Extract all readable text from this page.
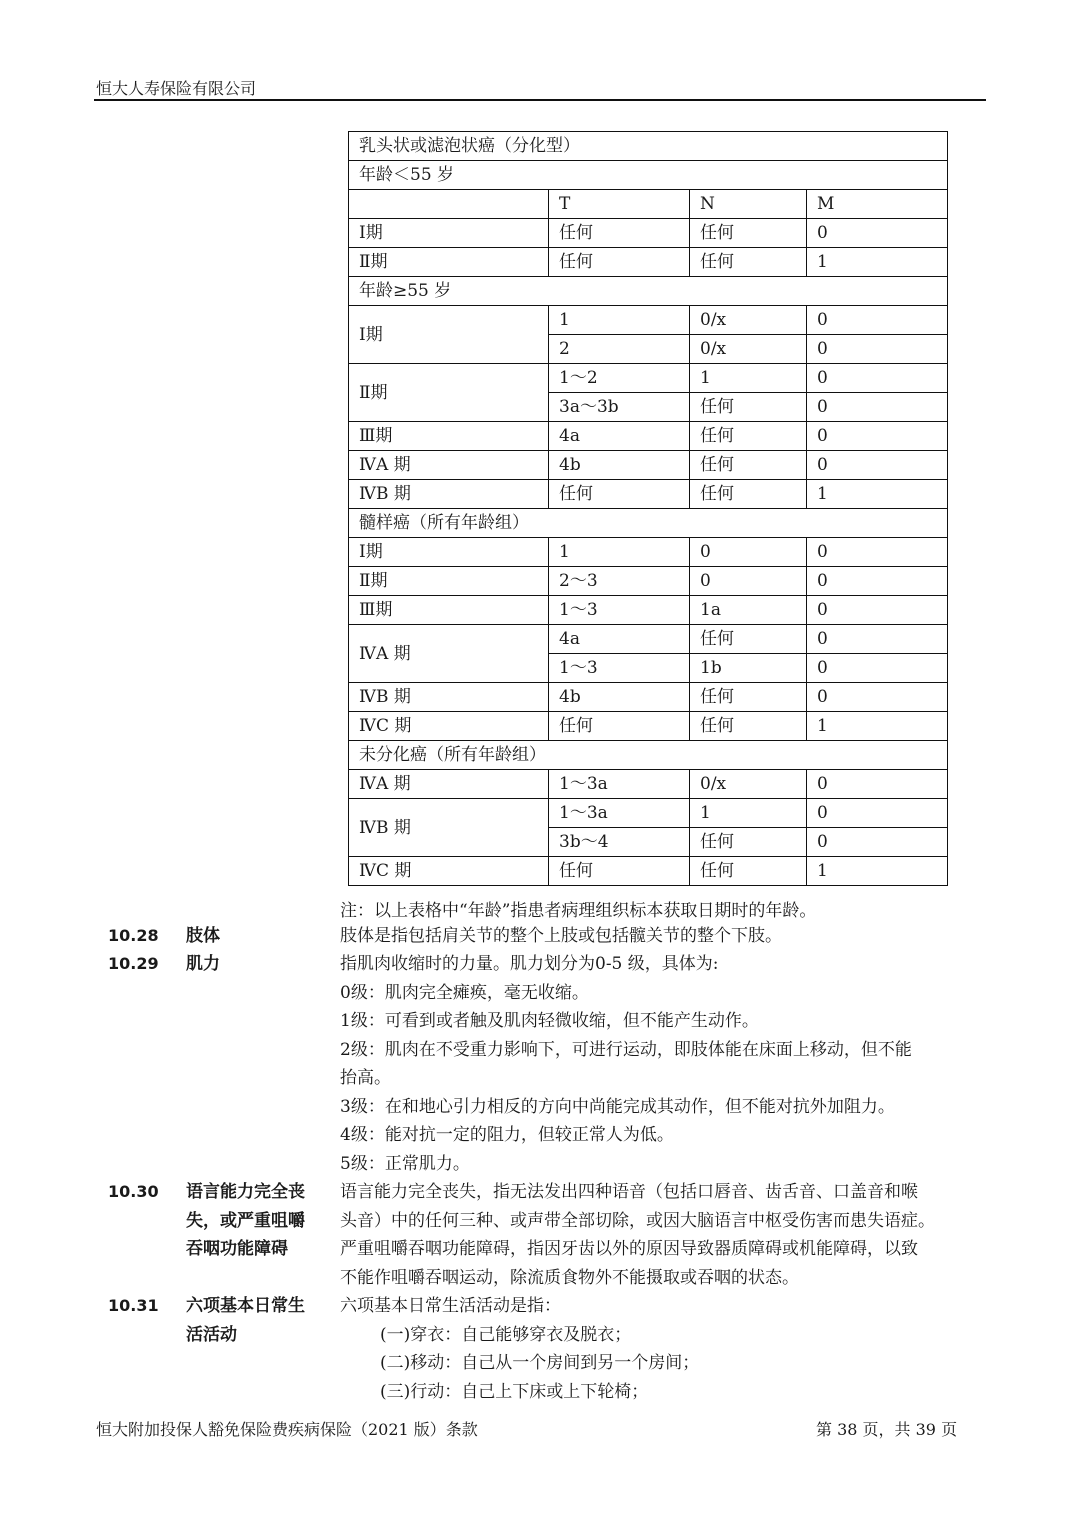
恒大人寿保险有限公司
乳头状或滤泡状癌（分化型）			
年龄＜55 岁			
	T	N	M
Ⅰ期	任何	任何	0
Ⅱ期	任何	任何	1
年龄≥55 岁			
Ⅰ期	1	0/x	0
	2	0/x	0
Ⅱ期	1～2	1	0
	3a～3b	任何	0
Ⅲ期	4a	任何	0
ⅣA 期	4b	任何	0
ⅣB 期	任何	任何	1
髓样癌（所有年龄组）			
Ⅰ期	1	0	0
Ⅱ期	2～3	0	0
Ⅲ期	1～3	1a	0
ⅣA 期	4a	任何	0
	1～3	1b	0
ⅣB 期	4b	任何	0
ⅣC 期	任何	任何	1
未分化癌（所有年龄组）			
ⅣA 期	1～3a	0/x	0
ⅣB 期	1～3a	1	0
	3b～4	任何	0
ⅣC 期	任何	任何	1
注：以上表格中“年龄”指患者病理组织标本获取日期时的年龄。
10.28 肢体	肢体是指包括肩关节的整个上肢或包括髋关节的整个下肢。
10.29 肌力	指肌肉收缩时的力量。肌力划分为0-5 级，具体为:

0级：肌肉完全瘫痪，毫无收缩。

1级：可看到或者触及肌肉轻微收缩，但不能产生动作。

2级：肌肉在不受重力影响下，可进行运动，即肢体能在床面上移动，但不能

抬高。

3级：在和地心引力相反的方向中尚能完成其动作，但不能对抗外加阻力。

4级：能对抗一定的阻力，但较正常人为低。

5级：正常肌力。

10.30 语言能力完全丧
失，或严重咀嚼
吞咽功能障碍

语言能力完全丧失，指无法发出四种语音（包括口唇音、齿舌音、口盖音和喉

头音）中的任何三种、或声带全部切除，或因大脑语言中枢受伤害而患失语症。

严重咀嚼吞咽功能障碍，指因牙齿以外的原因导致器质障碍或机能障碍，以致

不能作咀嚼吞咽运动，除流质食物外不能摄取或吞咽的状态。

10.31 六项基本日常生
活活动

六项基本日常生活活动是指：

(一)穿衣：自己能够穿衣及脱衣；

(二)移动：自己从一个房间到另一个房间；

(三)行动：自己上下床或上下轮椅；

恒大附加投保人豁免保险费疾病保险（2021 版）条款	第 38 页，共 39 页
